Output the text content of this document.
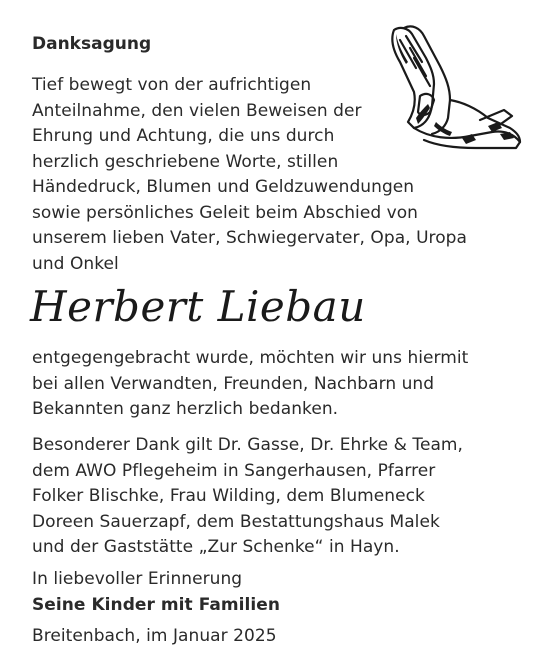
Danksagung
Tief bewegt von der aufrichtigen
Anteilnahme, den vielen Beweisen der
Ehrung und Achtung, die uns durch
herzlich geschriebene Worte, stillen
Händedruck, Blumen und Geldzuwendungen
sowie persönliches Geleit beim Abschied von
unserem lieben Vater, Schwiegervater, Opa, Uropa
und Onkel
Herbert Liebau
entgegengebracht wurde, möchten wir uns hiermit
bei allen Verwandten, Freunden, Nachbarn und
Bekannten ganz herzlich bedanken.
Besonderer Dank gilt Dr. Gasse, Dr. Ehrke & Team,
dem AWO Pflegeheim in Sangerhausen, Pfarrer
Folker Blischke, Frau Wilding, dem Blumeneck
Doreen Sauerzapf, dem Bestattungshaus Malek
und der Gaststätte „Zur Schenke“ in Hayn.
In liebevoller Erinnerung
Seine Kinder mit Familien
Breitenbach, im Januar 2025
